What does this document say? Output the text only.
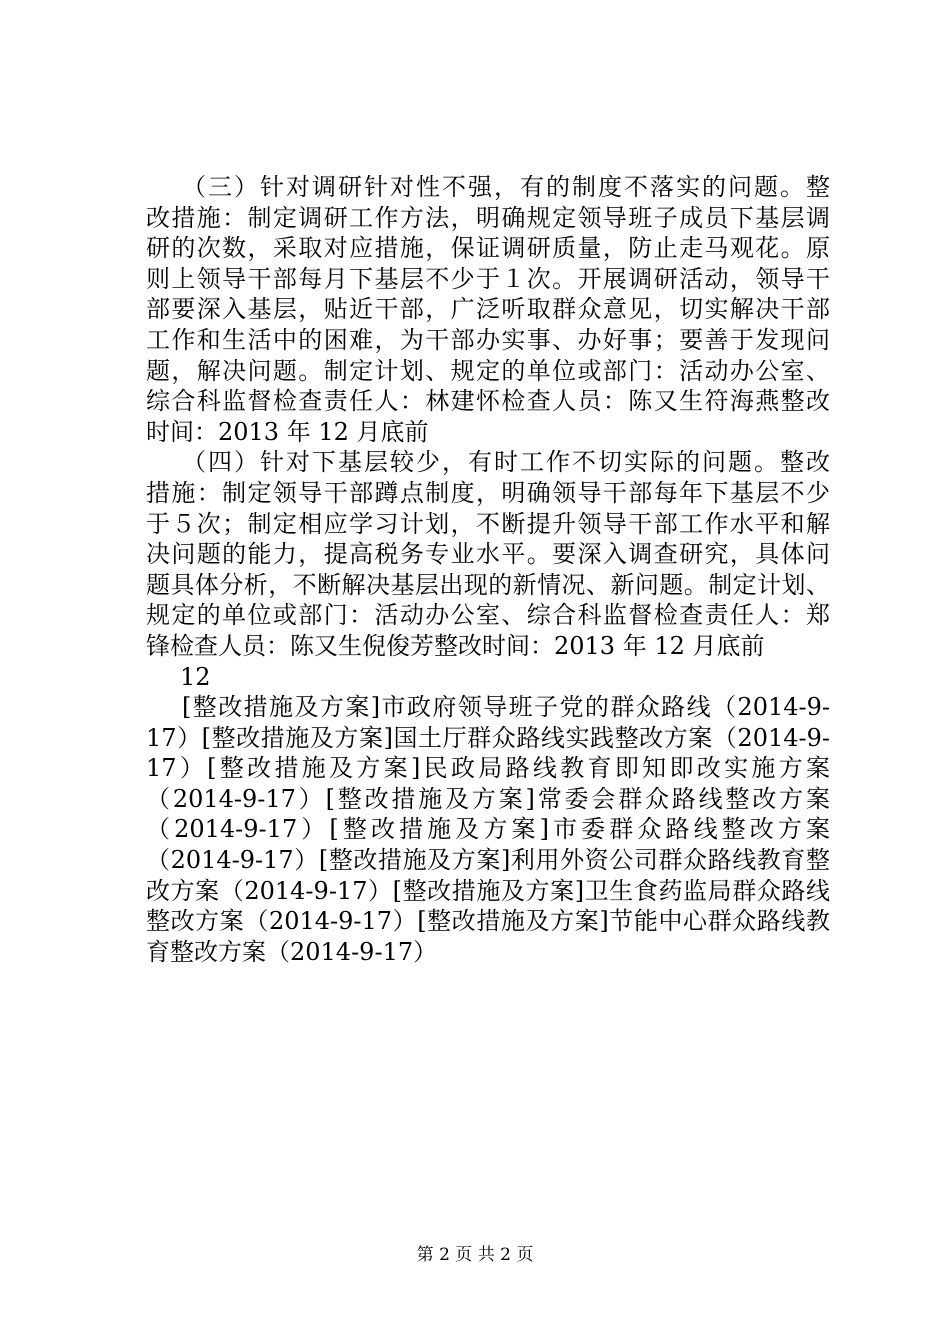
（三）针对调研针对性不强，有的制度不落实的问题。整
改措施：制定调研工作方法，明确规定领导班子成员下基层调
研的次数，采取对应措施，保证调研质量，防止走马观花。原
则上领导干部每月下基层不少于１次。开展调研活动，领导干
部要深入基层，贴近干部，广泛听取群众意见，切实解决干部
工作和生活中的困难，为干部办实事、办好事；要善于发现问
题，解决问题。制定计划、规定的单位或部门：活动办公室、
综合科监督检查责任人：林建怀检查人员：陈又生符海燕整改
时间：2013 年 12 月底前
（四）针对下基层较少，有时工作不切实际的问题。整改
措施：制定领导干部蹲点制度，明确领导干部每年下基层不少
于５次；制定相应学习计划，不断提升领导干部工作水平和解
决问题的能力，提高税务专业水平。要深入调查研究，具体问
题具体分析，不断解决基层出现的新情况、新问题。制定计划、
规定的单位或部门：活动办公室、综合科监督检查责任人：郑
锋检查人员：陈又生倪俊芳整改时间：2013 年 12 月底前
12
[整改措施及方案]市政府领导班子党的群众路线（2014-9-
17）[整改措施及方案]国土厅群众路线实践整改方案（2014-9-
17）[整改措施及方案]民政局路线教育即知即改实施方案
（2014-9-17）[整改措施及方案]常委会群众路线整改方案
（2014-9-17）[整改措施及方案]市委群众路线整改方案
（2014-9-17）[整改措施及方案]利用外资公司群众路线教育整
改方案（2014-9-17）[整改措施及方案]卫生食药监局群众路线
整改方案（2014-9-17）[整改措施及方案]节能中心群众路线教
育整改方案（2014-9-17）
第 2 页 共 2 页
